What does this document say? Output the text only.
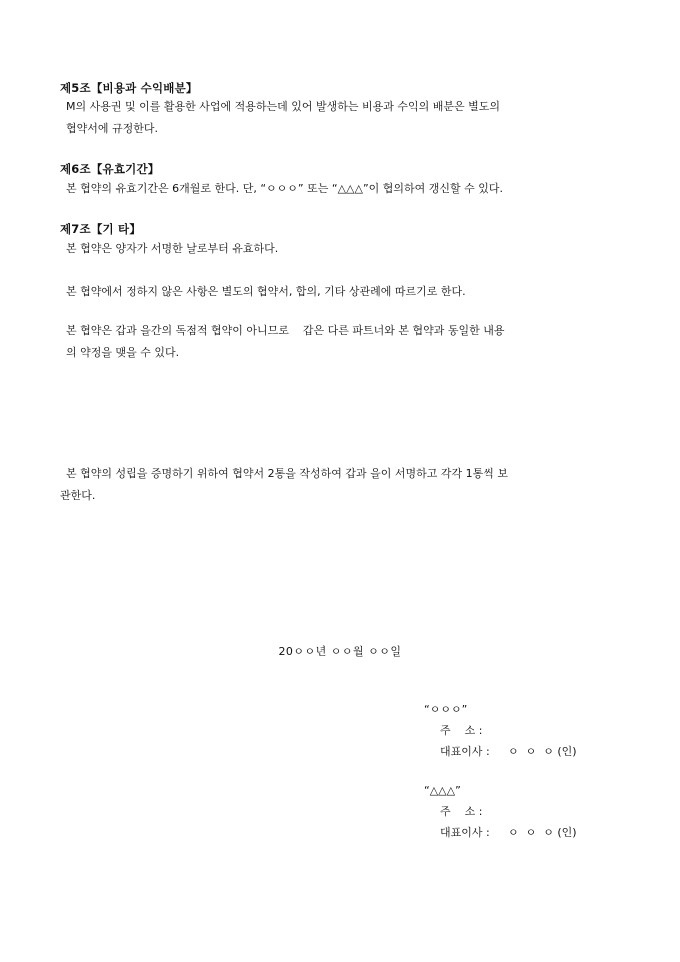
제5조【비용과 수익배분】
M의 사용권 및 이를 활용한 사업에 적용하는데 있어 발생하는 비용과 수익의 배분은 별도의
협약서에 규정한다.
제6조【유효기간】
본 협약의 유효기간은 6개월로 한다. 단, “ㅇㅇㅇ” 또는 “△△△”이 협의하여 갱신할 수 있다.
제7조【기 타】
본 협약은 양자가 서명한 날로부터 유효하다.
본 협약에서 정하지 않은 사항은 별도의 협약서, 합의, 기타 상관례에 따르기로 한다.
본 협약은 갑과 을간의 독점적 협약이 아니므로    갑은 다른 파트너와 본 협약과 동일한 내용
의 약정을 맺을 수 있다.
본 협약의 성립을 증명하기 위하여 협약서 2통을 작성하여 갑과 을이 서명하고 각각 1통씩 보
관한다.
20ㅇㅇ년 ㅇㅇ월 ㅇㅇ일
“ㅇㅇㅇ”
주    소 :
대표이사 :	ㅇ  ㅇ  ㅇ (인)
“△△△”
주    소 :
대표이사 :	ㅇ  ㅇ  ㅇ (인)
